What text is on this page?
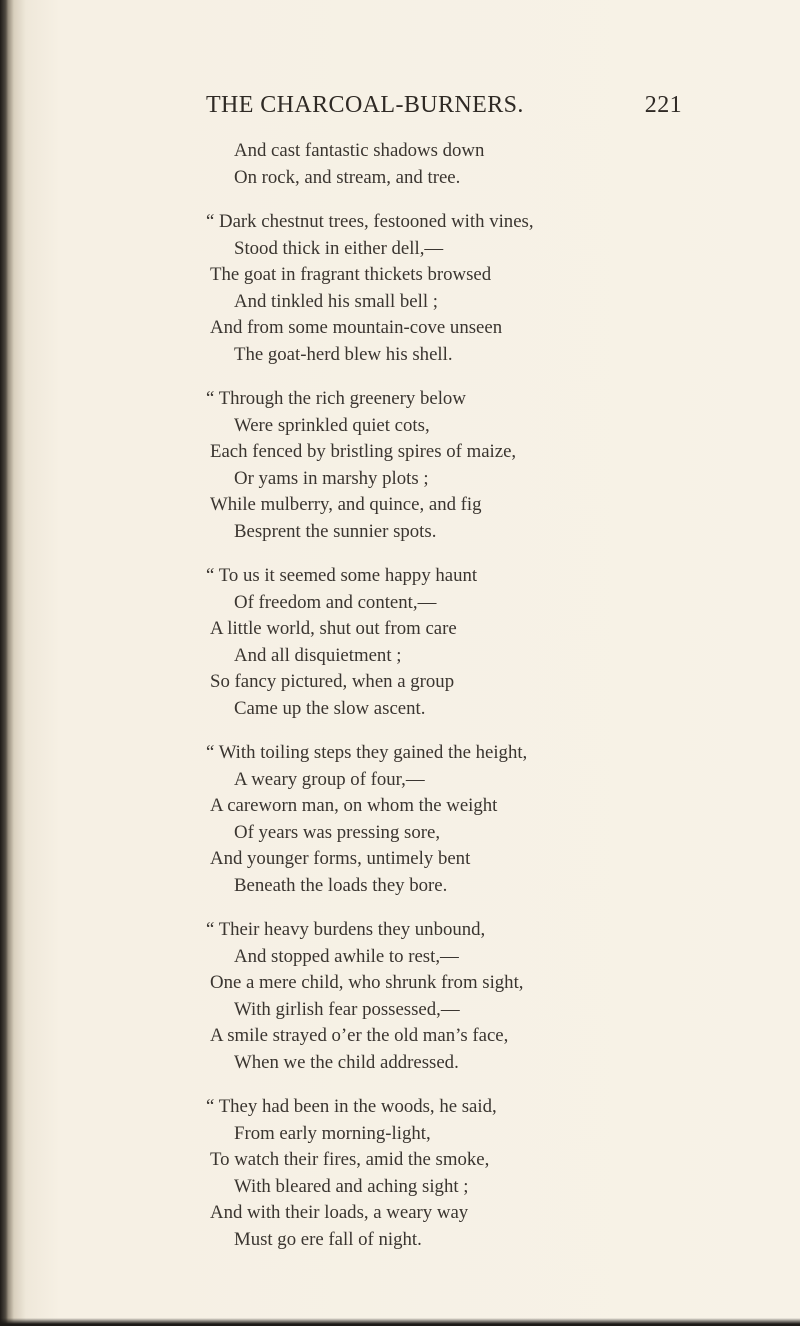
THE CHARCOAL-BURNERS.	221
And cast fantastic shadows down
On rock, and stream, and tree.
“ Dark chestnut trees, festooned with vines,
Stood thick in either dell,—
The goat in fragrant thickets browsed
And tinkled his small bell ;
And from some mountain-cove unseen
The goat-herd blew his shell.
“ Through the rich greenery below
Were sprinkled quiet cots,
Each fenced by bristling spires of maize,
Or yams in marshy plots ;
While mulberry, and quince, and fig
Besprent the sunnier spots.
“ To us it seemed some happy haunt
Of freedom and content,—
A little world, shut out from care
And all disquietment ;
So fancy pictured, when a group
Came up the slow ascent.
“ With toiling steps they gained the height,
A weary group of four,—
A careworn man, on whom the weight
Of years was pressing sore,
And younger forms, untimely bent
Beneath the loads they bore.
“ Their heavy burdens they unbound,
And stopped awhile to rest,—
One a mere child, who shrunk from sight,
With girlish fear possessed,—
A smile strayed o’er the old man’s face,
When we the child addressed.
“ They had been in the woods, he said,
From early morning-light,
To watch their fires, amid the smoke,
With bleared and aching sight ;
And with their loads, a weary way
Must go ere fall of night.
